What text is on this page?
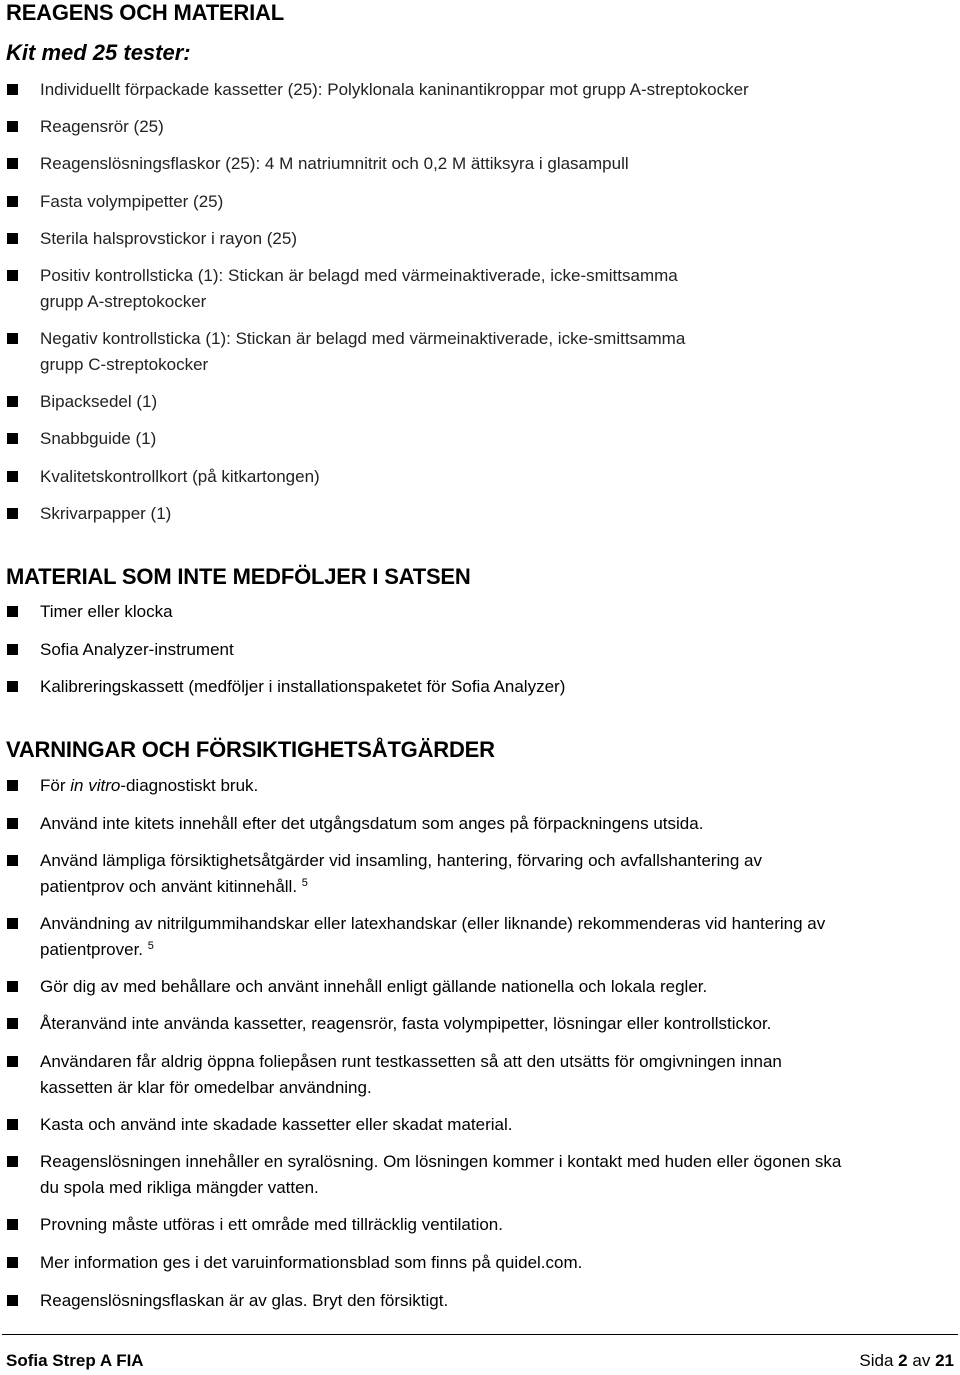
REAGENS OCH MATERIAL
Kit med 25 tester:
Individuellt förpackade kassetter (25): Polyklonala kaninantikroppar mot grupp A-streptokocker
Reagensrör (25)
Reagenslösningsflaskor (25): 4 M natriumnitrit och 0,2 M ättiksyra i glasampull
Fasta volympipetter (25)
Sterila halsprovstickor i rayon (25)
Positiv kontrollsticka (1): Stickan är belagd med värmeinaktiverade, icke-smittsamma
grupp A-streptokocker
Negativ kontrollsticka (1): Stickan är belagd med värmeinaktiverade, icke-smittsamma
grupp C-streptokocker
Bipacksedel (1)
Snabbguide (1)
Kvalitetskontrollkort (på kitkartongen)
Skrivarpapper (1)
MATERIAL SOM INTE MEDFÖLJER I SATSEN
Timer eller klocka
Sofia Analyzer-instrument
Kalibreringskassett (medföljer i installationspaketet för Sofia Analyzer)
VARNINGAR OCH FÖRSIKTIGHETSÅTGÄRDER
För in vitro-diagnostiskt bruk.
Använd inte kitets innehåll efter det utgångsdatum som anges på förpackningens utsida.
Använd lämpliga försiktighetsåtgärder vid insamling, hantering, förvaring och avfallshantering av
patientprov och använt kitinnehåll. $^5$
Användning av nitrilgummihandskar eller latexhandskar (eller liknande) rekommenderas vid hantering av
patientprover. $^5$
Gör dig av med behållare och använt innehåll enligt gällande nationella och lokala regler.
Återanvänd inte använda kassetter, reagensrör, fasta volympipetter, lösningar eller kontrollstickor.
Användaren får aldrig öppna foliepåsen runt testkassetten så att den utsätts för omgivningen innan
kassetten är klar för omedelbar användning.
Kasta och använd inte skadade kassetter eller skadat material.
Reagenslösningen innehåller en syralösning. Om lösningen kommer i kontakt med huden eller ögonen ska
du spola med rikliga mängder vatten.
Provning måste utföras i ett område med tillräcklig ventilation.
Mer information ges i det varuinformationsblad som finns på quidel.com.
Reagenslösningsflaskan är av glas. Bryt den försiktigt.
Sofia Strep A FIA	Sida 2 av 21
